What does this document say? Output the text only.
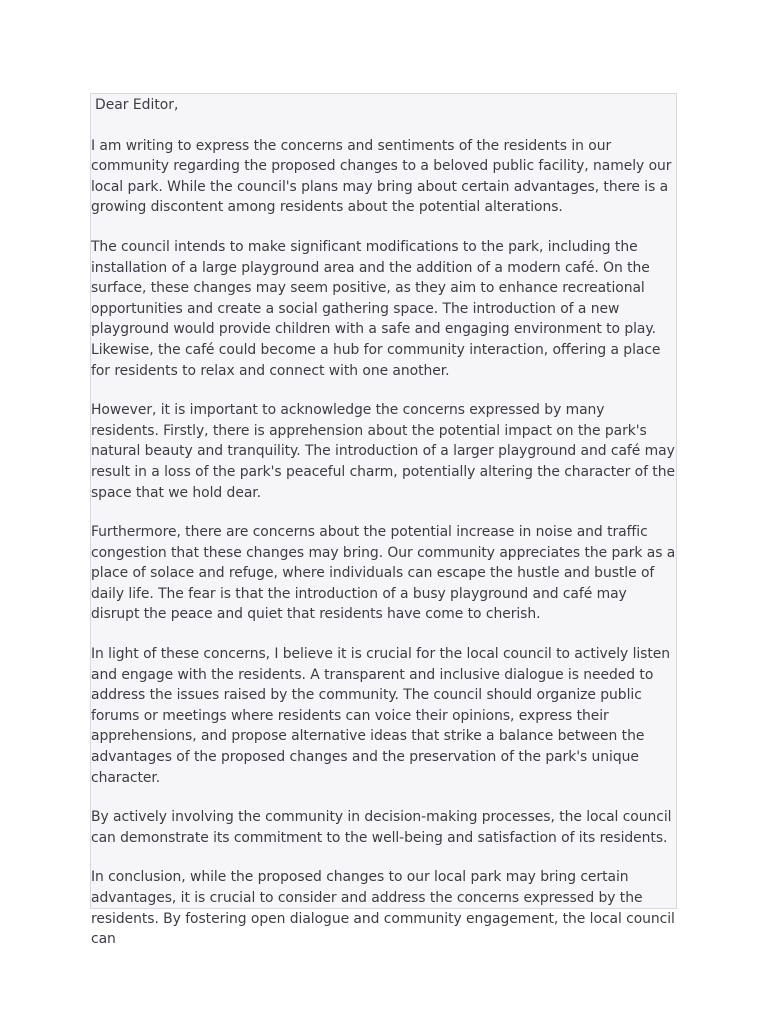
Dear Editor,

I am writing to express the concerns and sentiments of the residents in our community regarding the proposed changes to a beloved public facility, namely our local park. While the council's plans may bring about certain advantages, there is a growing discontent among residents about the potential alterations.

The council intends to make significant modifications to the park, including the installation of a large playground area and the addition of a modern café. On the surface, these changes may seem positive, as they aim to enhance recreational opportunities and create a social gathering space. The introduction of a new playground would provide children with a safe and engaging environment to play. Likewise, the café could become a hub for community interaction, offering a place for residents to relax and connect with one another.

However, it is important to acknowledge the concerns expressed by many residents. Firstly, there is apprehension about the potential impact on the park's natural beauty and tranquility. The introduction of a larger playground and café may result in a loss of the park's peaceful charm, potentially altering the character of the space that we hold dear.

Furthermore, there are concerns about the potential increase in noise and traffic congestion that these changes may bring. Our community appreciates the park as a place of solace and refuge, where individuals can escape the hustle and bustle of daily life. The fear is that the introduction of a busy playground and café may disrupt the peace and quiet that residents have come to cherish.

In light of these concerns, I believe it is crucial for the local council to actively listen and engage with the residents. A transparent and inclusive dialogue is needed to address the issues raised by the community. The council should organize public forums or meetings where residents can voice their opinions, express their apprehensions, and propose alternative ideas that strike a balance between the advantages of the proposed changes and the preservation of the park's unique character.

By actively involving the community in decision-making processes, the local council can demonstrate its commitment to the well-being and satisfaction of its residents.

In conclusion, while the proposed changes to our local park may bring certain advantages, it is crucial to consider and address the concerns expressed by the residents. By fostering open dialogue and community engagement, the local council can
